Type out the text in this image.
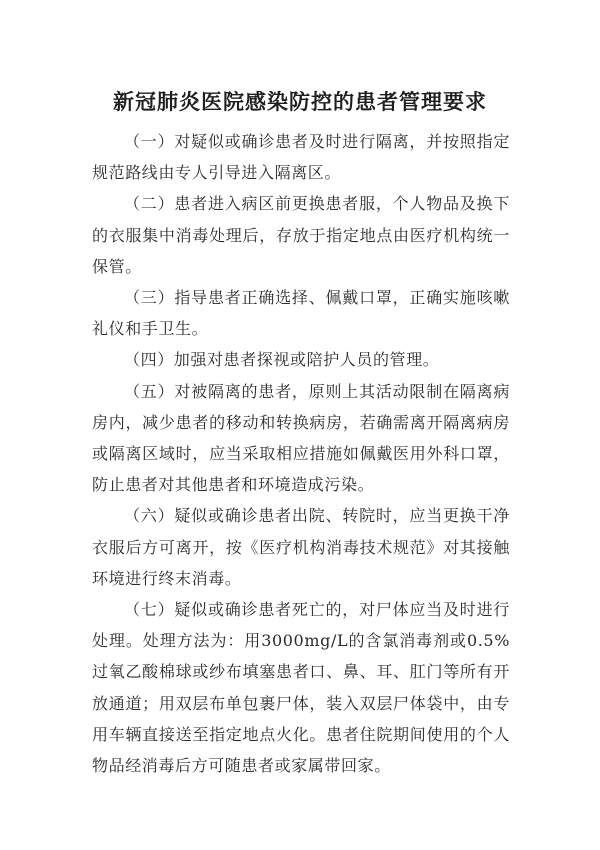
新冠肺炎医院感染防控的患者管理要求

（一）对疑似或确诊患者及时进行隔离，并按照指定规范路线由专人引导进入隔离区。

（二）患者进入病区前更换患者服，个人物品及换下的衣服集中消毒处理后，存放于指定地点由医疗机构统一保管。

（三）指导患者正确选择、佩戴口罩，正确实施咳嗽礼仪和手卫生。

（四）加强对患者探视或陪护人员的管理。

（五）对被隔离的患者，原则上其活动限制在隔离病房内，减少患者的移动和转换病房，若确需离开隔离病房或隔离区域时，应当采取相应措施如佩戴医用外科口罩，防止患者对其他患者和环境造成污染。

（六）疑似或确诊患者出院、转院时，应当更换干净衣服后方可离开，按《医疗机构消毒技术规范》对其接触环境进行终末消毒。

（七）疑似或确诊患者死亡的，对尸体应当及时进行处理。处理方法为：用3000mg/L的含氯消毒剂或0.5%过氧乙酸棉球或纱布填塞患者口、鼻、耳、肛门等所有开放通道；用双层布单包裹尸体，装入双层尸体袋中，由专用车辆直接送至指定地点火化。患者住院期间使用的个人物品经消毒后方可随患者或家属带回家。
